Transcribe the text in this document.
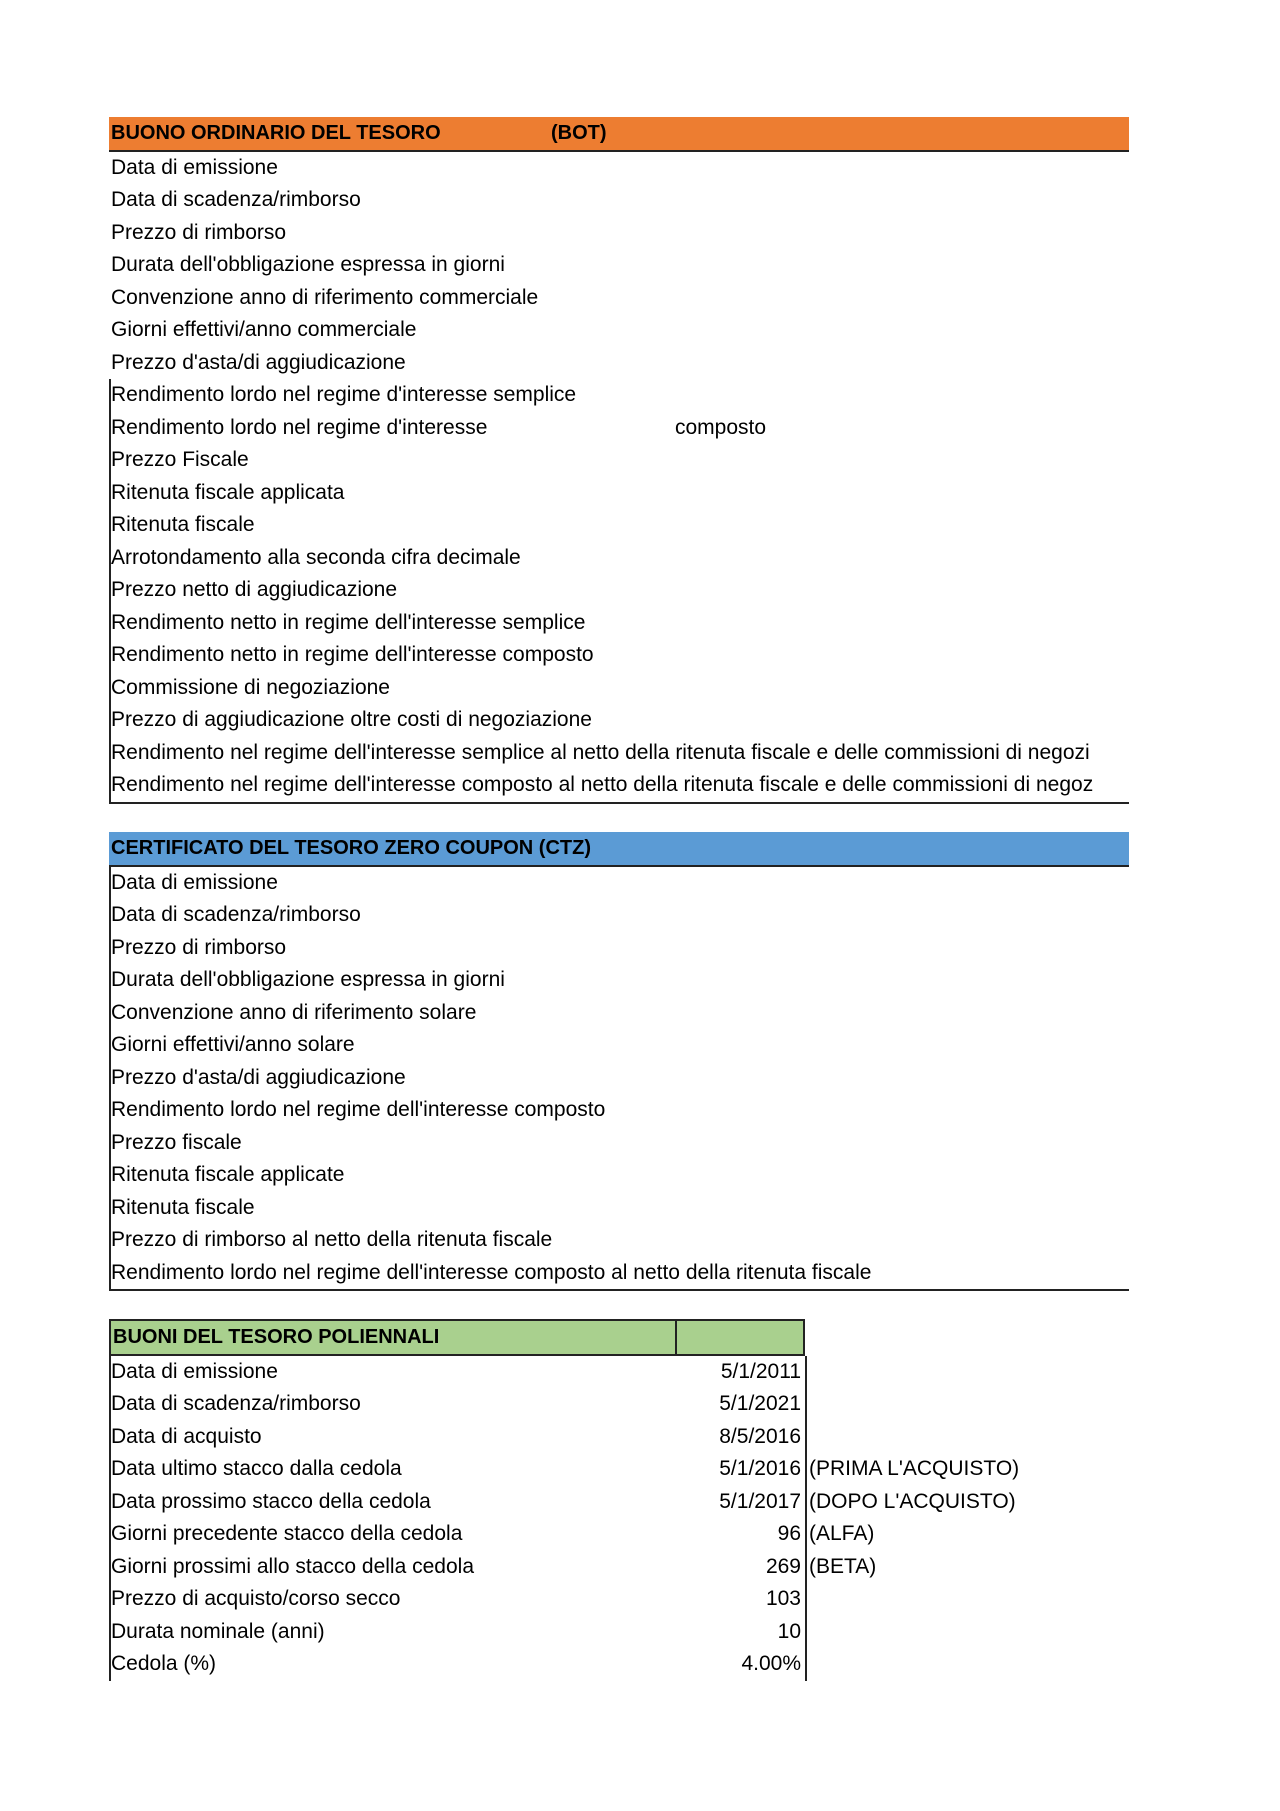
BUONO ORDINARIO DEL TESORO	(BOT)
Data di emissione
Data di scadenza/rimborso
Prezzo di rimborso
Durata dell'obbligazione espressa in giorni
Convenzione anno di riferimento commerciale
Giorni effettivi/anno commerciale
Prezzo d'asta/di aggiudicazione
Rendimento lordo nel regime d'interesse semplice
Rendimento lordo nel regime d'interesse	composto
Prezzo Fiscale
Ritenuta fiscale applicata
Ritenuta fiscale
Arrotondamento alla seconda cifra decimale
Prezzo netto di aggiudicazione
Rendimento netto in regime dell'interesse semplice
Rendimento netto in regime dell'interesse composto
Commissione di negoziazione
Prezzo di aggiudicazione oltre costi di negoziazione
Rendimento nel regime dell'interesse semplice al netto della ritenuta fiscale e delle commissioni di negozi
Rendimento nel regime dell'interesse composto al netto della ritenuta fiscale e delle commissioni di negoz
CERTIFICATO DEL TESORO ZERO COUPON (CTZ)
Data di emissione
Data di scadenza/rimborso
Prezzo di rimborso
Durata dell'obbligazione espressa in giorni
Convenzione anno di riferimento solare
Giorni effettivi/anno solare
Prezzo d'asta/di aggiudicazione
Rendimento lordo nel regime dell'interesse composto
Prezzo fiscale
Ritenuta fiscale applicate
Ritenuta fiscale
Prezzo di rimborso al netto della ritenuta fiscale
Rendimento lordo nel regime dell'interesse composto al netto della ritenuta fiscale
BUONI DEL TESORO POLIENNALI
Data di emissione	5/1/2011
Data di scadenza/rimborso	5/1/2021
Data di acquisto	8/5/2016
Data ultimo stacco dalla cedola	5/1/2016 (PRIMA L'ACQUISTO)
Data prossimo stacco della cedola	5/1/2017 (DOPO L'ACQUISTO)
Giorni precedente stacco della cedola	96 (ALFA)
Giorni prossimi allo stacco della cedola	269 (BETA)
Prezzo di acquisto/corso secco	103
Durata nominale (anni)	10
Cedola (%)	4.00%
